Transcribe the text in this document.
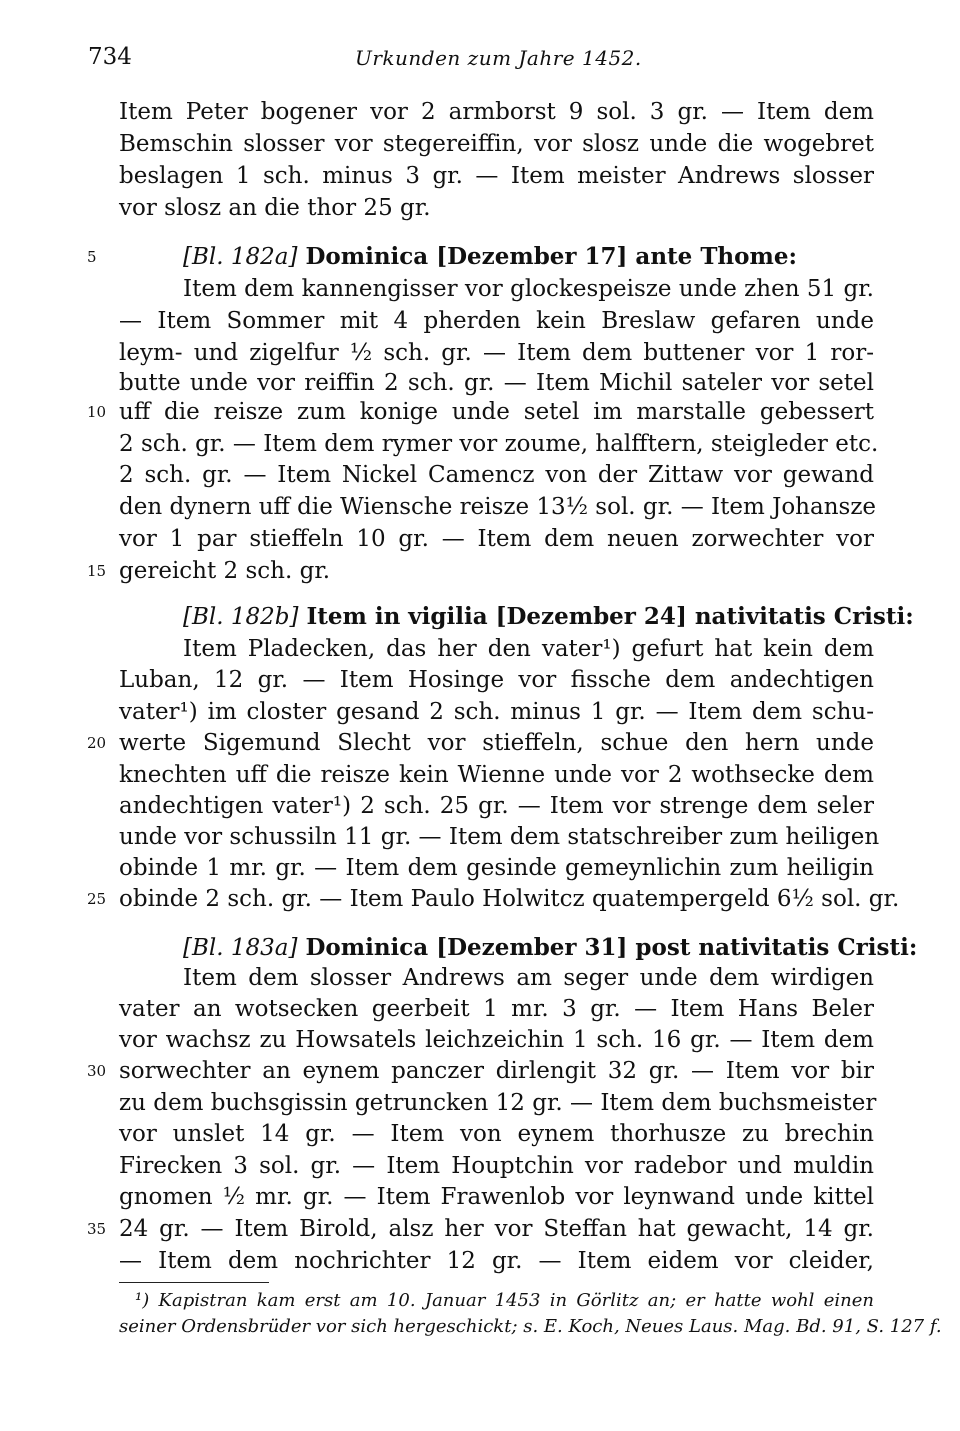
734	Urkunden zum Jahre 1452.
5
10
15
20
25
30
35
Item Peter bogener vor 2 armborst 9 sol. 3 gr. — Item dem
Bemschin slosser vor stegereiffin, vor slosz unde die wogebret
beslagen 1 sch. minus 3 gr. — Item meister Andrews slosser
vor slosz an die thor 25 gr.
[Bl. 182a] Dominica [Dezember 17] ante Thome:
Item dem kannengisser vor glockespeisze unde zhen 51 gr.
— Item Sommer mit 4 pherden kein Breslaw gefaren unde
leym- und zigelfur ½ sch. gr. — Item dem buttener vor 1 ror-
butte unde vor reiffin 2 sch. gr. — Item Michil sateler vor setel
uff die reisze zum konige unde setel im marstalle gebessert
2 sch. gr. — Item dem rymer vor zoume, halfftern, steigleder etc.
2 sch. gr. — Item Nickel Camencz von der Zittaw vor gewand
den dynern uff die Wiensche reisze 13½ sol. gr. — Item Johansze
vor 1 par stieffeln 10 gr. — Item dem neuen zorwechter vor
gereicht 2 sch. gr.
[Bl. 182b] Item in vigilia [Dezember 24] nativitatis Cristi:
Item Pladecken, das her den vater¹) gefurt hat kein dem
Luban, 12 gr. — Item Hosinge vor fissche dem andechtigen
vater¹) im closter gesand 2 sch. minus 1 gr. — Item dem schu-
werte Sigemund Slecht vor stieffeln, schue den hern unde
knechten uff die reisze kein Wienne unde vor 2 wothsecke dem
andechtigen vater¹) 2 sch. 25 gr. — Item vor strenge dem seler
unde vor schussiln 11 gr. — Item dem statschreiber zum heiligen
obinde 1 mr. gr. — Item dem gesinde gemeynlichin zum heiligin
obinde 2 sch. gr. — Item Paulo Holwitcz quatempergeld 6½ sol. gr.
[Bl. 183a] Dominica [Dezember 31] post nativitatis Cristi:
Item dem slosser Andrews am seger unde dem wirdigen
vater an wotsecken geerbeit 1 mr. 3 gr. — Item Hans Beler
vor wachsz zu Howsatels leichzeichin 1 sch. 16 gr. — Item dem
sorwechter an eynem panczer dirlengit 32 gr. — Item vor bir
zu dem buchsgissin getruncken 12 gr. — Item dem buchsmeister
vor unslet 14 gr. — Item von eynem thorhusze zu brechin
Firecken 3 sol. gr. — Item Houptchin vor radebor und muldin
gnomen ½ mr. gr. — Item Frawenlob vor leynwand unde kittel
24 gr. — Item Birold, alsz her vor Steffan hat gewacht, 14 gr.
— Item dem nochrichter 12 gr. — Item eidem vor cleider,
¹) Kapistran kam erst am 10. Januar 1453 in Görlitz an; er hatte wohl einen
seiner Ordensbrüder vor sich hergeschickt; s. E. Koch, Neues Laus. Mag. Bd. 91, S. 127 f.
